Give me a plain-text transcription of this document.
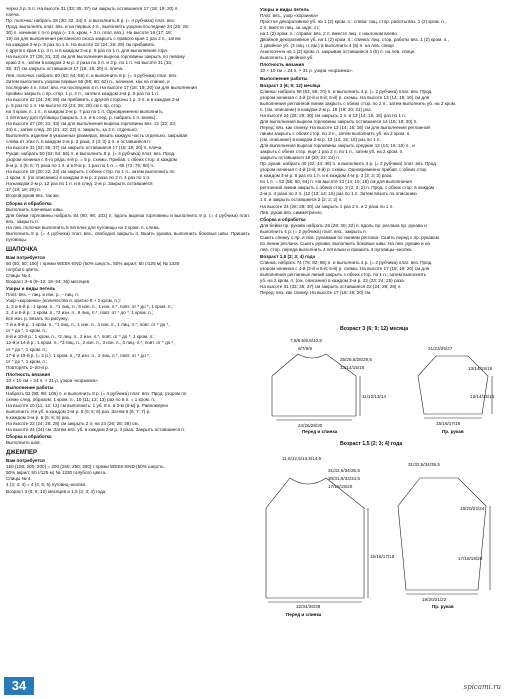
через 2 р. 5 п. На высоте 31 (33; 35; 37) см закрыть оставшиеся 17 (18; 19; 20) п.
плеча.
Пр. полочка: набрать 28 (30; 32; 34) п. и выполнить 8 р. (= 4 рубчика) плат. вяз.
Прод. выполнять плат. вяз. и на первых 4 п., выполнять узором последние 24 (26; 28;
30) п. начиная с 4-го ряда (= 1 п. кром. + 3 п. плат. вяз.). На высоте 16 (17; 18;
19) см для выполнения регланного скоса закрыть с правого края 1 раз 2 п., затем
на каждом 2-м р. 5 раз по 1 п. На высоте 22 (24; 26; 28) см прибавить
с другого края 1 р. 3 п. и в каждом 2-м р. 5 раз по 1 п. для выполнения горл.
На высоте 27 (29; 31; 33) см для выполнения выреза горловины закрыть по левому
краю 3 п., затем в каждом 2-м р. 2 раза по 2 п. и 3 р. по 1 п. На высоте 31 (33;
35; 37) см закрыть оставшиеся 17 (18; 19; 20) п. плеча.
Лев. полочка: набрать 60 (62; 64; 66) п. и выполнить 8 р. (= 4 рубчика) плат. вяз.
Затем выполнить узором первые 56 (58; 60; 62) п., начиная, как на спинке, и
последние 4 п. плат. вяз. На последних 4 п. На высоте 17 (18; 19; 20) см для выполнения
проймы закрыть с пр. стор. 1 р. 2 п., затем в каждом 2-м р. 5 раз по 1 п.
На высоте 22 (24; 26; 28) см прибавить с другой стороны 1 р. 3 п. и в каждом 2-м
р. 5 раз по 1 п. На высоте 22 (24; 26; 28) см с пр. стор.
на 4 кром. п. 1 п., в каждом 2-м р. 7 раз по 1 п. Одновременно выполнить
1 петельку для пуговицы (закрыть 1 п. и в след. р. набрать 1 п. вновь).
На высоте 27 (29; 31; 33) см для выполнения выреза горловины вяз. 21 (22; 23;
24) п., затем след. 20 (21; 22; 23) п. закрыть, за 2 п. отдельно.
Выполнять изделие в указанных размерах, вязать каждую часть отдельно, закрывая
слева от этих п. в каждом 2-м р. 2 раза, 2 (3; 3) 2 п. и оставшиеся п.
На высоте 31 (33; 35; 37) см закрыть оставшиеся 17 (18; 19; 20) п. плеча.
Рукав: набрать 50 (52; 54; 56) п. и выполнить 8 р. (= 4 рубчика) плат. вяз. Прод.
узором начиная с 6-го ряда, 6-й р. = 5 р. схемы. Прибав. с обеих стор. в каждом
6-м р. 4 (5; 6; 7) раза по 1 п. и в 8-м р. 1 раз по 1 п. = 68 (72; 76; 80) п.
На высоте 18 (20; 22; 24) см закрыть с обеих стор. по 1 п., затем выполнить по
1 кром. п. (по описанию) в каждом 2-м р. 2 раза по 2 п. 4 раз по 1 п.
На каждом 2-м р. 12 раз по 1 п. и в след. 2-м р. Закрыть оставшиеся
17 (18; 19; 20) п.
Второй рукав вяз. так же.
Сборка и обработка
Выполнить плечевые швы.
Для бейки горловины набрать 84 (90; 96; 102) п. вдоль выреза горловины и выполнить 8 р. (= 4 рубчика) плат. вяз., закрыть п.
На лев. полочке выполнить 5 петелек для пуговицы на 2 кром. п. слева.
Выполнить 8 р. (= 4 рубчика) плат. вяз., свободно закрыть п. Вшить рукава, выполнить боковые швы. Пришить пуговицы.
ШАПОЧКА
Вам потребуется
50 (50; 50; 100) г пряжи WEEK-END (50% шерсть, 50% акрил; 50 г/125 м) № 1330
голубого цвета.
Спицы № 4.
Возраст 3–6 (9–12; 18–24; 36) месяцев.
Узоры и виды петель
Плат. вяз. – лиц. и изн. р. – лиц. п.
Узор «корзинка» (количество п. кратно 8 + 2 кром. п.):
1, 3 и 5-й р.: 1 кром. п., *1 лиц. п., 6 изн. п., 1 изн. п.*, повт. от * до *, 1 кром. п.;
2, 4 и 6-й р.: 1 кром. п., *2 изн. п., 6 лиц. п.*, повт. от * до *, 1 кром. п.;
все изн. р. вязать по рисунку;
7-й и 9-й р.: 1 кром. п., *1 лиц. п., 1 изн. п., 4 изн. п., 1 лиц. п.*, повт. от * до *,
от * до *, 1 кром. п.;
8-й и 10-й р.: 1 кром. п., *2 лиц. п., 2 изн. п.*, повт. от * до *, 1 кром. п.;
12-й и 14-й р.: 1 кром. п., *3 лиц. п., 2 изн. п., 3 изн. п., 3 лиц. п.*, повт. от * до *,
от * до *, 1 кром. п.;
17-й и 19-й р. (= 2 р.): 1 кром. п., *2 изн. п., 2 лиц. п.*, повт. от * до *,
от * до *, 1 кром. п.;
Повторять 1–20-й р.
Плотность вязания
10 × 10 см = 24 п. × 31 р. узора «корзинка».
Выполнение работы
Набрать 82 (90; 98; 106) п. и выполнить 8 р. (= 4 рубчика) плат. вяз. Прод. узором по
схеме след. образом: 1 кром. п., 10 (11; 12; 13) раз по 8 п. = 1 кром. п.
На высоте 10 (11; 12; 13) см выполнить: 1 уб. 8 п. в 2-м (8-м) р. Равномерно
выполнить эти уб. в каждом 2-м р. 5 (5; 6; 6) раз. Затем 6 (6; 7; 7) р.
в каждом 2-м р. 5 (5; 6; 6) раз.
На высоте 22 (24; 26; 28) см закрыть 2 п. на 24 (26; 28; 28) см.
На высоте 24 (24) см. Затем вяз. уб. в каждом 2-м р. 3 раза. Закрыть оставшиеся п.
Сборка и обработка
Выполнить шов.
ДЖЕМПЕР
Вам потребуется
150 (150; 200; 200) = 200 (250; 250; 300) г пряжи WEEK-END (50% шерсть,
50% акрил; 50 г/125 м) № 1330 голубого цвета.
Спицы № 4.
4 (4; 4; 4) = 4 (4; 5; 5) пуговиц–кнопки.
Возраст 3 (6; 9; 12) месяцев и 1,5 (2; 3; 4) года.
Узоры и виды петель
Плат. вяз., узор «корзинка»
Простое декоративное уб. на 1 (2) кром. п.: слева: лиц. стор. работы вяз. 1 (2) кром. п.,
2 п. вместе лиц. за задн. ст.;
на 1 (2) кром. п.: справа: вяз. 2 п. вместе лиц. с наклоном влево.
Двойное декоративное уб. на 1 (2) кром. п.: спинка: лиц. стор. работы вяз. 1 (2) кром. п.,
1 двойное уб. (3 лиц. п. вм.) и выполнить 4 (5) п. на лев. спице.
Аналогично на 1 (2) кром. п. закрывая оставшиеся 4 (5) п. на лев. спице,
выполнить 1 двойное уб.
Плотность вязания
10 × 10 см = 24 п. × 31 р. узора «корзинка».
Выполнение работы
Возраст 3 (6; 9; 12) месяца
Спинка: набрать 58 (62; 66; 70) п. и выполнить 4 р. (= 2 рубчика) плат. вяз. Прод.
узором начиная с 4-й (2-й и 8-й; 6-й) р. схемы. На высоте 13 (14; 15; 16) см для
выполнения регланной линии закрыть с обеих стор. по 2 п., затем выполнить уб. на 2 кром.
п. (см. описание) в каждом 2-м р. 18 (19; 20; 21) раз.
На высоте 24 (26; 28; 30) см закрыть 2 п. и 13 (14; 15; 16) раз по 1 п.
Для выполнения выреза горловины закрыть оставшиеся 14 (16; 18; 20) п.
Перед: вяз. как спинку. На высоте 13 (14; 15; 16) см для выполнения регланной
линии закрыть с обеих стор. по 2 п., затем выполнить уб. на 2 кром. п.
(см. описание) в каждом 2-м р. 13 (14; 15; 16) раз по 1 п.
Для выполнения выреза горловины закрыть средние 12 (14; 16; 18) п., и
закрыть с обеих стор. ещё 1 раз 2 п. по 1 п., затем уб. на 2 кром. п.
закрыть оставшиеся 18 (20; 22; 24) п.
Пр. рукав: набрать 40 (42; 44; 46) п. и выполнить 4 р. (= 2 рубчика) плат. вяз. Прод.
узором начиная с 4-й (2-й; 8-й) р. схемы. Одновременно прибав. с обеих стор.
в каждом 4-м р. 5 раз по 1 п. и в каждом 4-м р. 3 (3; 3; 3) раза
по 1 п. = 52 (56; 60; 64) п. На высоте 13 (14; 15; 16) см для выполнения
регланной линии закрыть с обеих стор. 2 (2; 2; 2) п. Прод. с обеих стор. в каждом
2-м р. 4 раза по 2 п. (12 (13; 14; 15) раз по 1 п. Затем вязать по описанию
1 п. и закрыть оставшиеся 2 (2; 2; 2) п.
На высоте 24 (26; 28; 30) см закрыть 1 раз 2 п. и 2 раза по 1 п.
Лев. рукав вяз. симметрично.
Сборка и обработка
Для бейки пр. рукава набрать 26 (28; 30; 32) п. вдоль пр. реглана пр. рукава и
выполнить 4 р. (= 2 рубчика) плат. вяз., закрыть п.
Сшить спинку с пр. и лев. рукавами по линиям реглана. Сшить перед с пр. рукавом
по линии реглана. Сшить рукава, выполнить боковые швы. На лев. рукаве и на
лев. стор. переда выполнить 4 петельки и пришить 4 пуговицы–кнопки.
Возраст 1,5 (2; 3; 4) года
Спинка: набрать 74 (78; 82; 86) п. и выполнить 4 р. (= 2 рубчика) плат. вяз. Прод.
узором начиная с 4-й (2-й и 8-й; 6-й) р. схемы. На высоте 17 (18; 19; 20) см для
выполнения регланных линий закрыть с обеих стор. по 1 п., затем выполнить
уб. на 2 кром. п. (см. описание) в каждом 2-м р. 22 (23; 24; 25) раза.
На высоте 31 (33; 35; 37) см закрыть оставшиеся 22 (24; 26; 28) п.
Перед: вяз. как спинку. На высоте 17 (18; 19; 20) см.
Возраст 3 (6; 9; 12) месяца
7,5/8,5/9,5/10,5
6/7/8/9
25/26,5/28/29,5
13/14/15/16
11/12/13/14
24/26/28/30
Перед и спинка
21/23/25/27
13/14/15/16
13/14/15/16
15/16/17/18
Пр. рукав
Возраст 1,5 (2; 3; 4) года
11,5/12,5/13,5/14,5
31/32,5/34/35,5
30/31,5/33/34,5
17/18/19/20
15/16/17/18
32/34/36/38
31/32,5/34/35,5
18/20/22/24
17/18/19/20
19/20/21/22
Пр. рукав
Перед и спинка
34	spicami.ru
